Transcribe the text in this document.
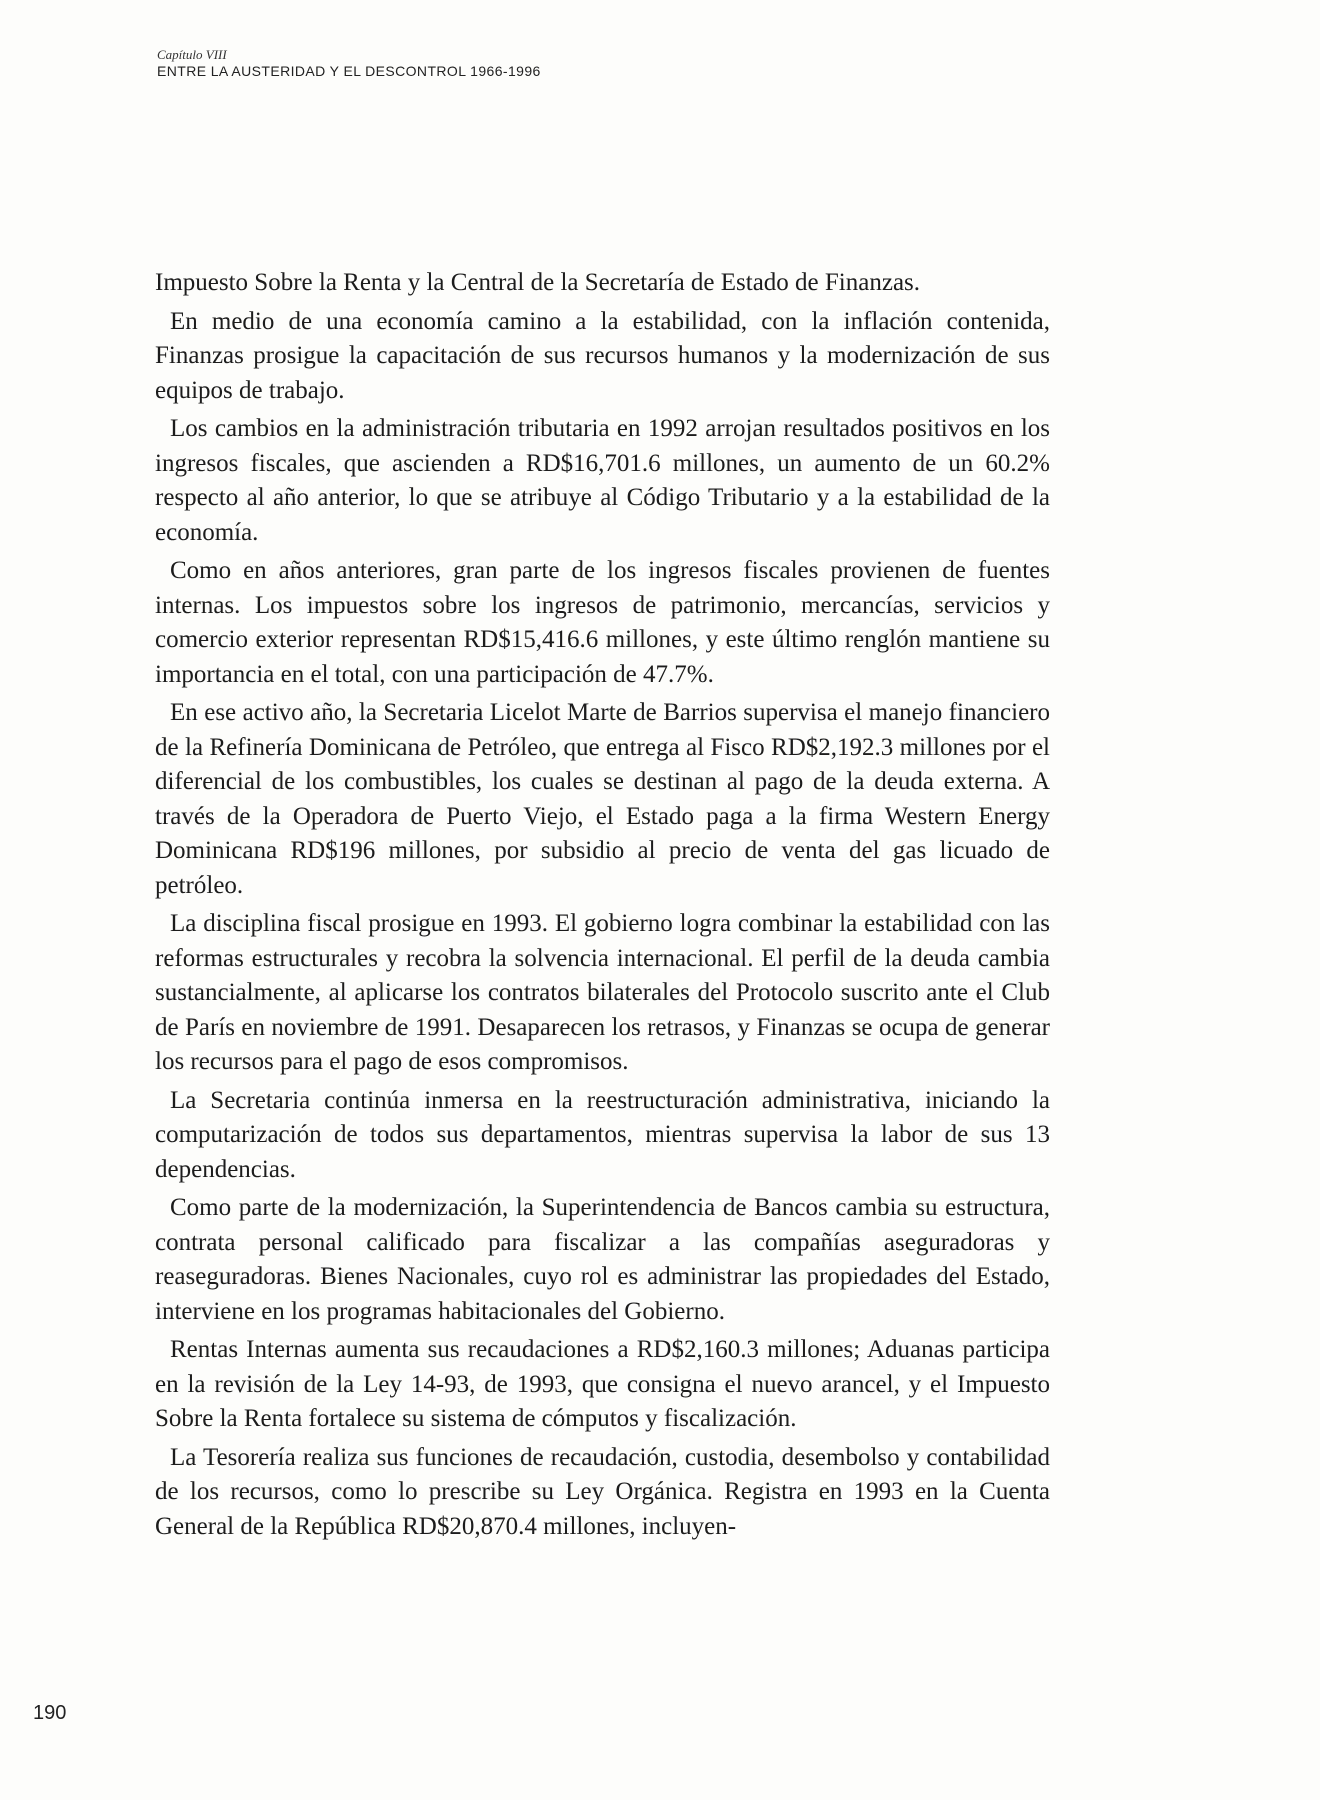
Capítulo VIII
ENTRE LA AUSTERIDAD Y EL DESCONTROL 1966-1996

Impuesto Sobre la Renta y la Central de la Secretaría de Estado de Finanzas.

En medio de una economía camino a la estabilidad, con la inflación contenida, Finanzas prosigue la capacitación de sus recursos humanos y la modernización de sus equipos de trabajo.

Los cambios en la administración tributaria en 1992 arrojan resultados positivos en los ingresos fiscales, que ascienden a RD$16,701.6 millones, un aumento de un 60.2% respecto al año anterior, lo que se atribuye al Código Tributario y a la estabilidad de la economía.

Como en años anteriores, gran parte de los ingresos fiscales provienen de fuentes internas. Los impuestos sobre los ingresos de patrimonio, mercancías, servicios y comercio exterior representan RD$15,416.6 millones, y este último renglón mantiene su importancia en el total, con una participación de 47.7%.

En ese activo año, la Secretaria Licelot Marte de Barrios supervisa el manejo financiero de la Refinería Dominicana de Petróleo, que entrega al Fisco RD$2,192.3 millones por el diferencial de los combustibles, los cuales se destinan al pago de la deuda externa. A través de la Operadora de Puerto Viejo, el Estado paga a la firma Western Energy Dominicana RD$196 millones, por subsidio al precio de venta del gas licuado de petróleo.

La disciplina fiscal prosigue en 1993. El gobierno logra combinar la estabilidad con las reformas estructurales y recobra la solvencia internacional. El perfil de la deuda cambia sustancialmente, al aplicarse los contratos bilaterales del Protocolo suscrito ante el Club de París en noviembre de 1991. Desaparecen los retrasos, y Finanzas se ocupa de generar los recursos para el pago de esos compromisos.

La Secretaria continúa inmersa en la reestructuración administrativa, iniciando la computarización de todos sus departamentos, mientras supervisa la labor de sus 13 dependencias.

Como parte de la modernización, la Superintendencia de Bancos cambia su estructura, contrata personal calificado para fiscalizar a las compañías aseguradoras y reaseguradoras. Bienes Nacionales, cuyo rol es administrar las propiedades del Estado, interviene en los programas habitacionales del Gobierno.

Rentas Internas aumenta sus recaudaciones a RD$2,160.3 millones; Aduanas participa en la revisión de la Ley 14-93, de 1993, que consigna el nuevo arancel, y el Impuesto Sobre la Renta fortalece su sistema de cómputos y fiscalización.

La Tesorería realiza sus funciones de recaudación, custodia, desembolso y contabilidad de los recursos, como lo prescribe su Ley Orgánica. Registra en 1993 en la Cuenta General de la República RD$20,870.4 millones, incluyen-

190
